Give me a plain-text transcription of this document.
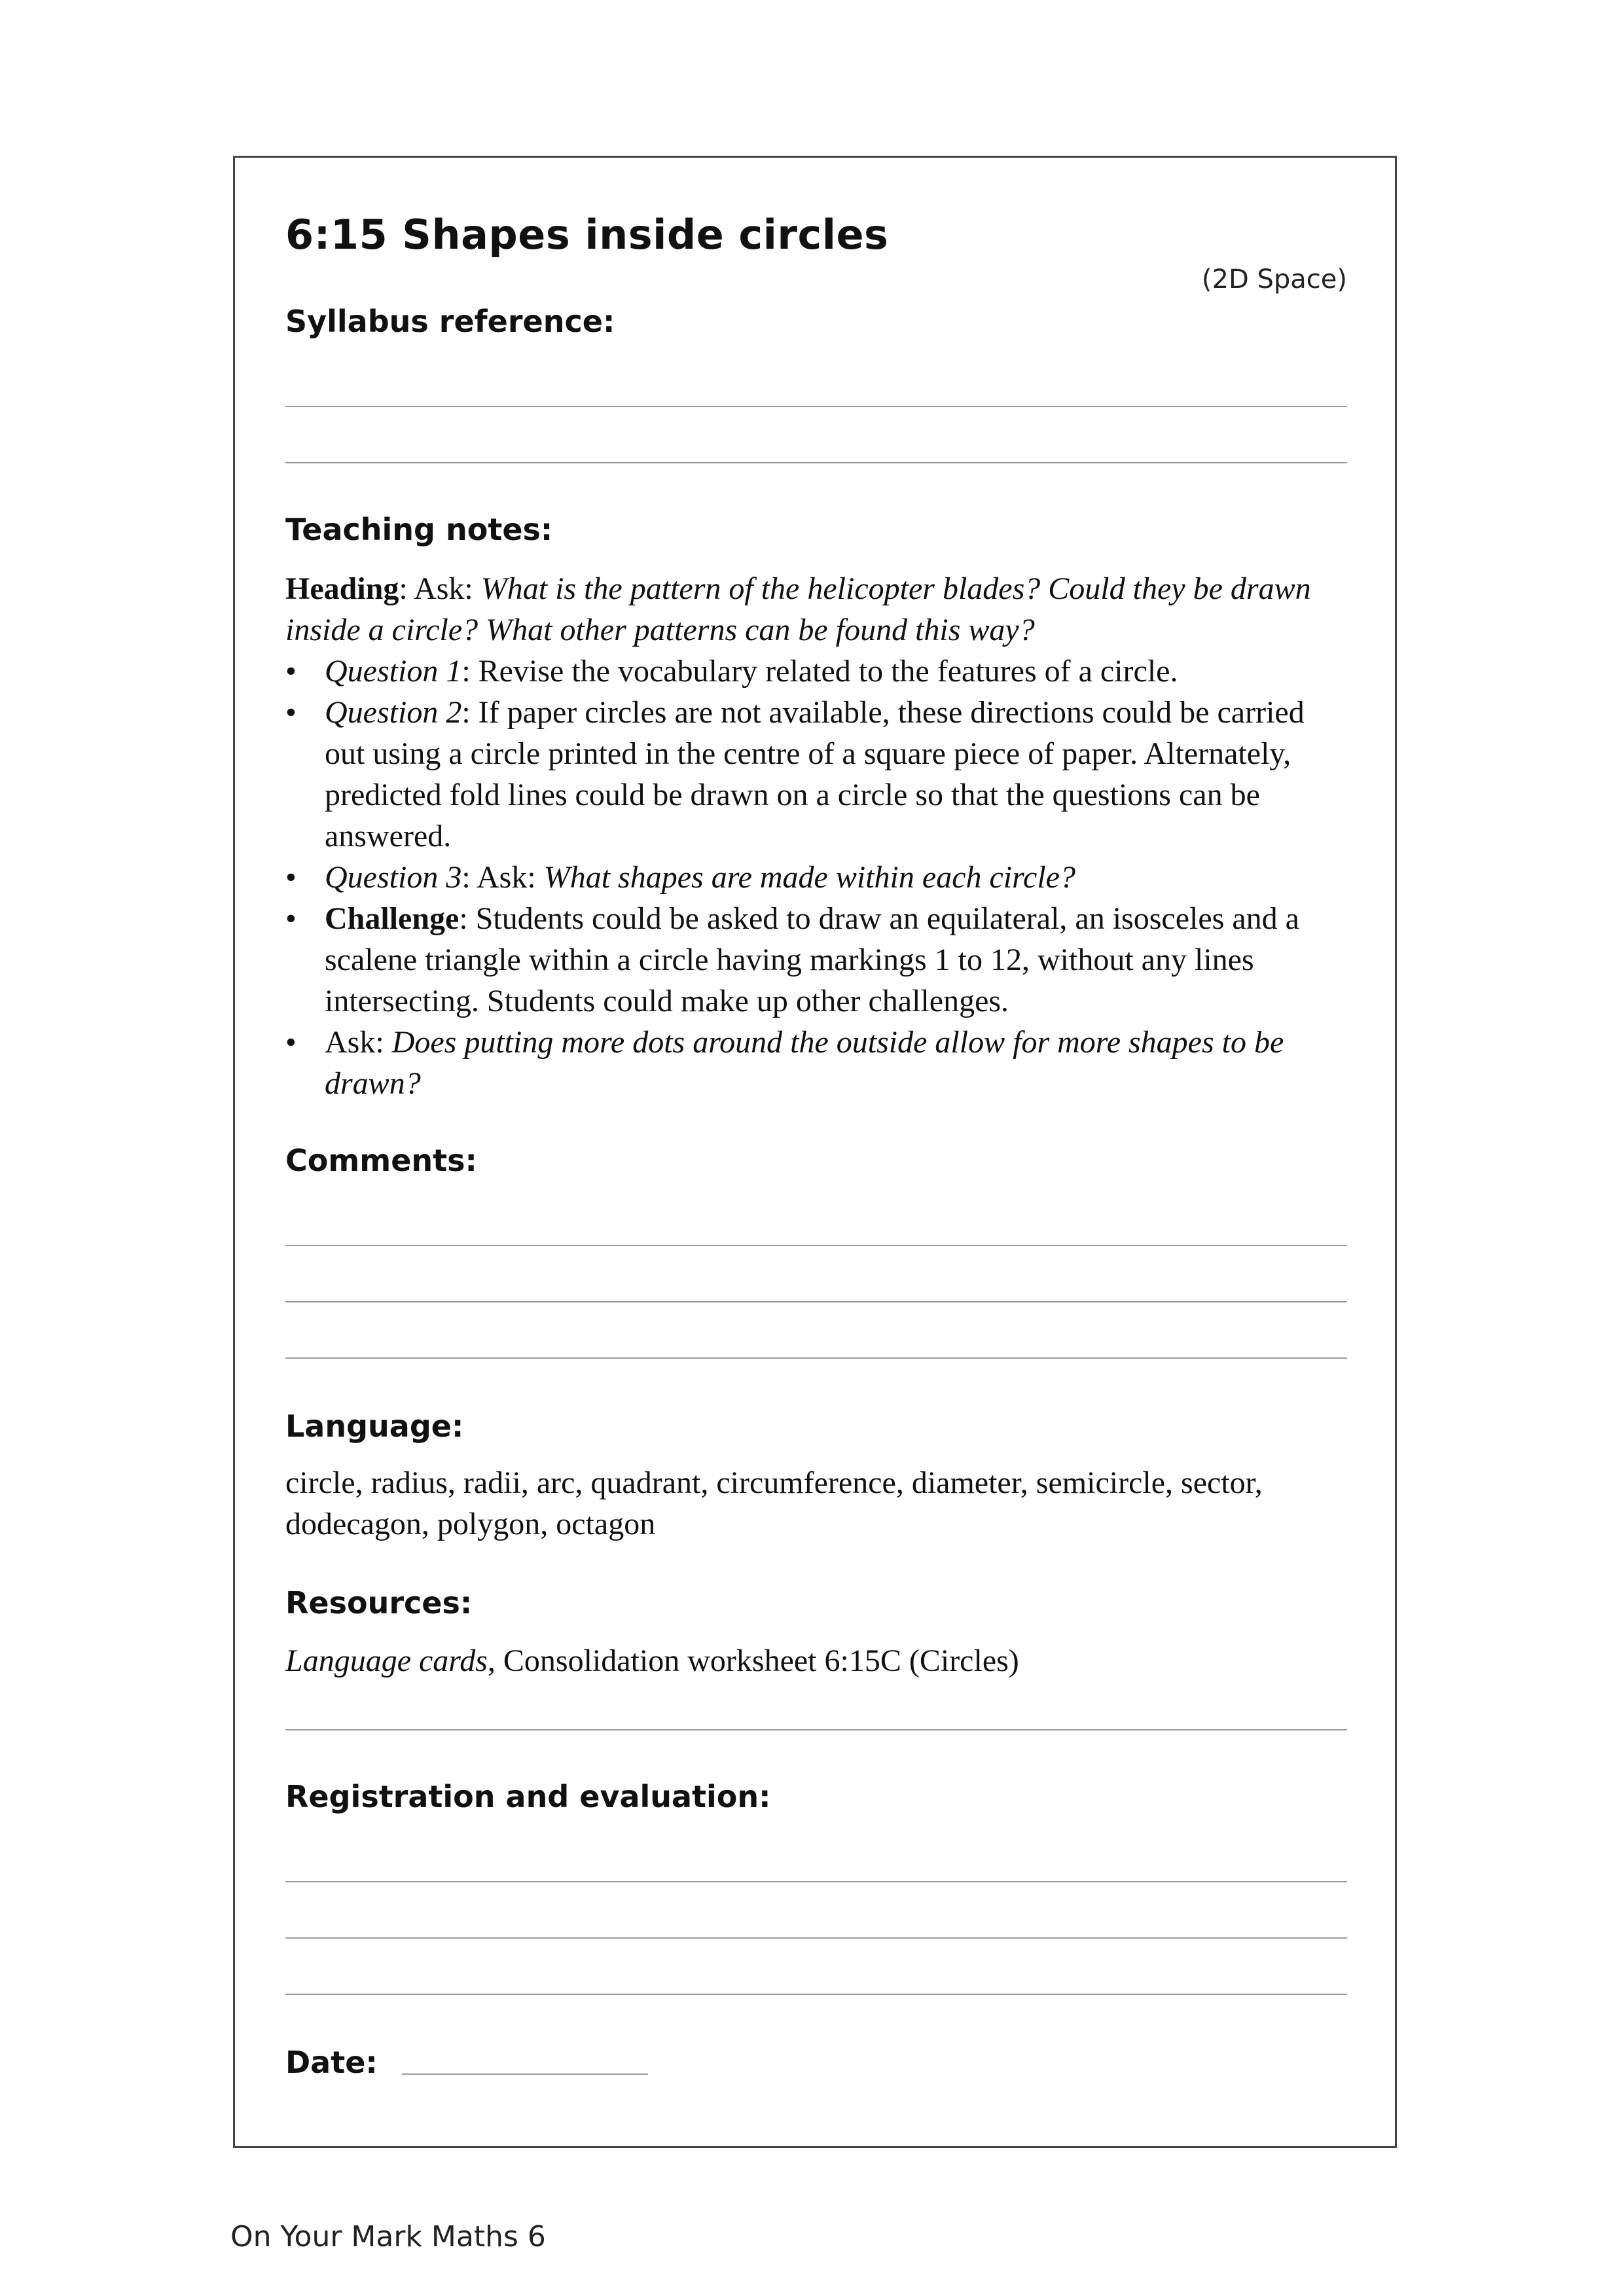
6:15 Shapes inside circles
(2D Space)
Syllabus reference:
Teaching notes:

Heading: Ask: What is the pattern of the helicopter blades? Could they be drawn inside a circle? What other patterns can be found this way?

• Question 1: Revise the vocabulary related to the features of a circle.
• Question 2: If paper circles are not available, these directions could be carried out using a circle printed in the centre of a square piece of paper. Alternately, predicted fold lines could be drawn on a circle so that the questions can be answered.
• Question 3: Ask: What shapes are made within each circle?
• Challenge: Students could be asked to draw an equilateral, an isosceles and a scalene triangle within a circle having markings 1 to 12, without any lines intersecting. Students could make up other challenges.
• Ask: Does putting more dots around the outside allow for more shapes to be drawn?
Comments:
Language:
circle, radius, radii, arc, quadrant, circumference, diameter, semicircle, sector, dodecagon, polygon, octagon
Resources:
Language cards, Consolidation worksheet 6:15C (Circles)
Registration and evaluation:
Date:
On Your Mark Maths 6
